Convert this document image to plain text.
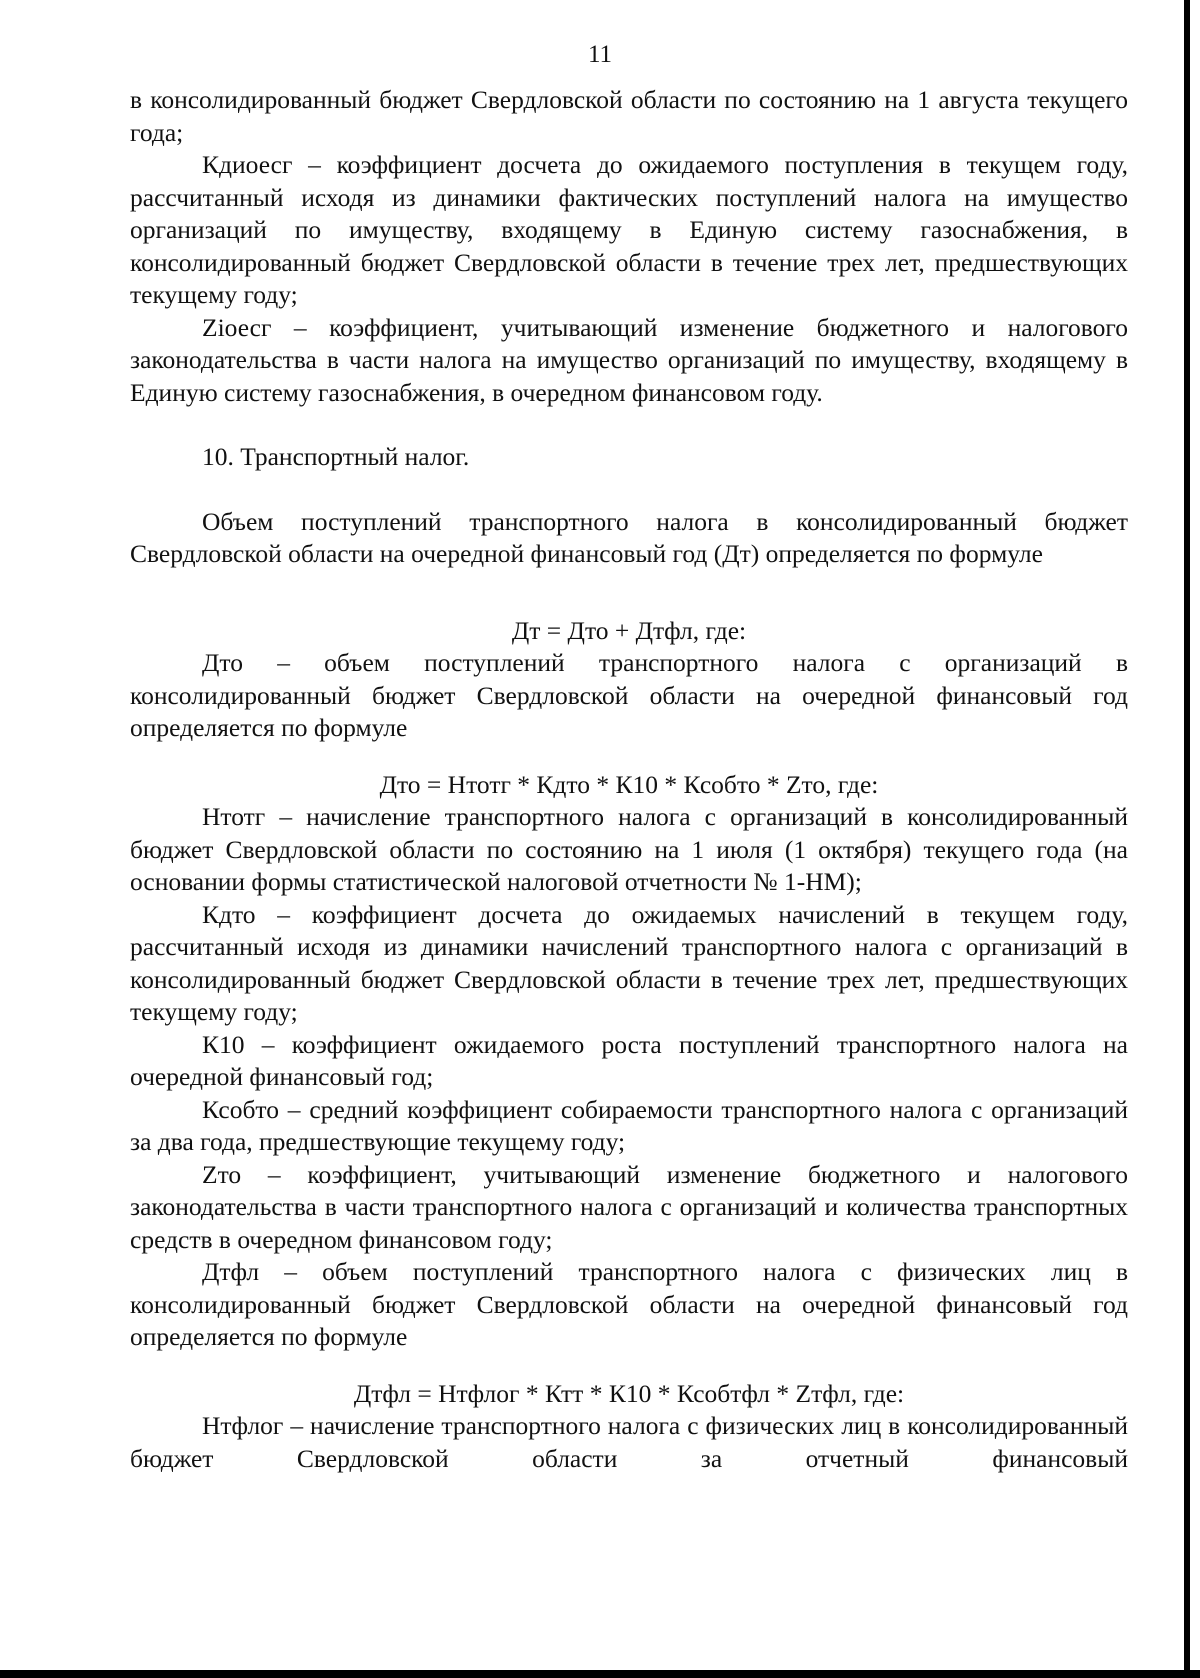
11

в консолидированный бюджет Свердловской области по состоянию на 1 августа текущего года;

Кдиоесг – коэффициент досчета до ожидаемого поступления в текущем году, рассчитанный исходя из динамики фактических поступлений налога на имущество организаций по имуществу, входящему в Единую систему газоснабжения, в консолидированный бюджет Свердловской области в течение трех лет, предшествующих текущему году;

Ziоесг – коэффициент, учитывающий изменение бюджетного и налогового законодательства в части налога на имущество организаций по имуществу, входящему в Единую систему газоснабжения, в очередном финансовом году.

10. Транспортный налог.

Объем поступлений транспортного налога в консолидированный бюджет Свердловской области на очередной финансовый год (Дт) определяется по формуле

Дт = Дто + Дтфл, где:

Дто – объем поступлений транспортного налога с организаций в консолидированный бюджет Свердловской области на очередной финансовый год определяется по формуле

Дто = Нтотг * Кдто * К10 * Ксобто * Zто, где:

Нтотг – начисление транспортного налога с организаций в консолидированный бюджет Свердловской области по состоянию на 1 июля (1 октября) текущего года (на основании формы статистической налоговой отчетности № 1-НМ);

Кдто – коэффициент досчета до ожидаемых начислений в текущем году, рассчитанный исходя из динамики начислений транспортного налога с организаций в консолидированный бюджет Свердловской области в течение трех лет, предшествующих текущему году;

К10 – коэффициент ожидаемого роста поступлений транспортного налога на очередной финансовый год;

Ксобто – средний коэффициент собираемости транспортного налога с организаций за два года, предшествующие текущему году;

Zто – коэффициент, учитывающий изменение бюджетного и налогового законодательства в части транспортного налога с организаций и количества транспортных средств в очередном финансовом году;

Дтфл – объем поступлений транспортного налога с физических лиц в консолидированный бюджет Свердловской области на очередной финансовый год определяется по формуле

Дтфл = Нтфлог * Ктт * К10 * Ксобтфл * Zтфл, где:

Нтфлог – начисление транспортного налога с физических лиц в консолидированный бюджет Свердловской области за отчетный финансовый
